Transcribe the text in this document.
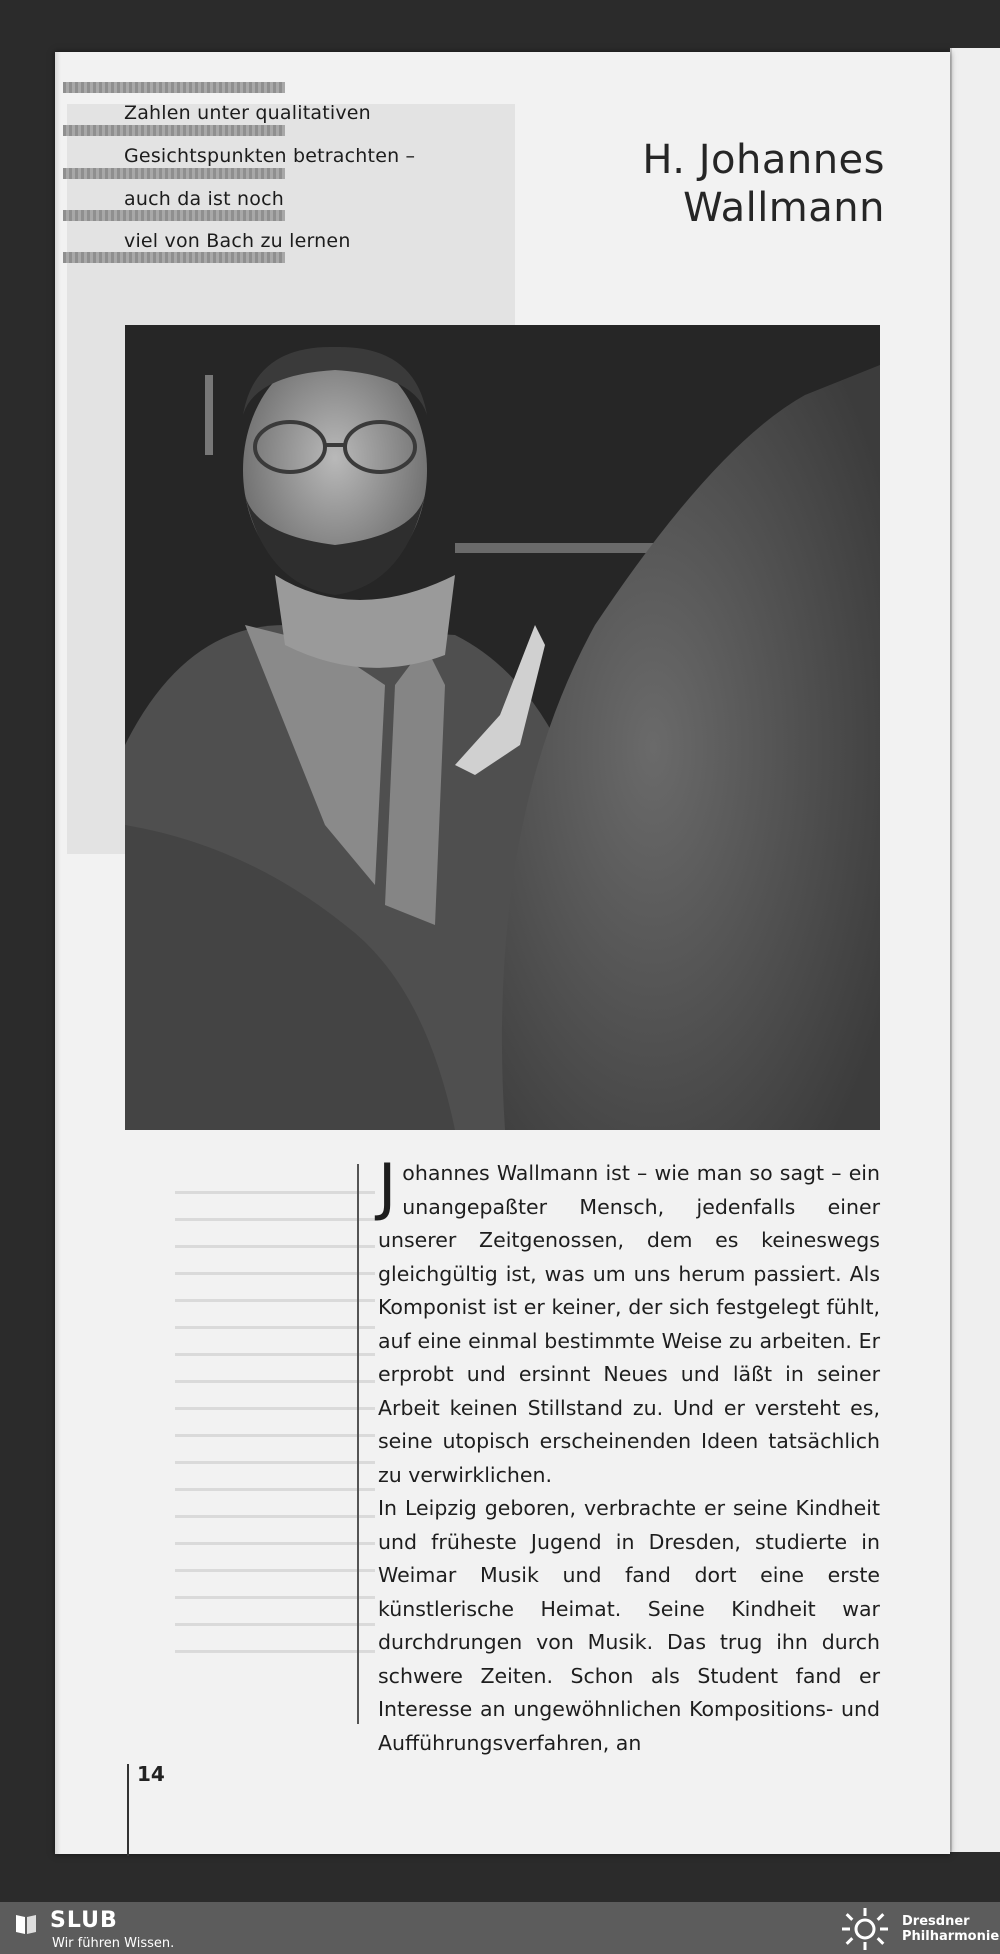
Zahlen unter qualitativen
Gesichtspunkten betrachten –
auch da ist noch
viel von Bach zu lernen
H. Johannes
Wallmann

Johannes Wallmann ist – wie man so sagt – ein unangepaßter Mensch, jedenfalls einer unserer Zeitgenossen, dem es keineswegs gleichgültig ist, was um uns herum passiert. Als Komponist ist er keiner, der sich festgelegt fühlt, auf eine einmal bestimmte Weise zu arbeiten. Er erprobt und ersinnt Neues und läßt in seiner Arbeit keinen Stillstand zu. Und er versteht es, seine utopisch erscheinenden Ideen tatsächlich zu verwirklichen.

In Leipzig geboren, verbrachte er seine Kindheit und früheste Jugend in Dresden, studierte in Weimar Musik und fand dort eine erste künstlerische Heimat. Seine Kindheit war durchdrungen von Musik. Das trug ihn durch schwere Zeiten. Schon als Student fand er Interesse an ungewöhnlichen Kompositions- und Aufführungsverfahren, an

14
SLUB
Wir führen Wissen.
Dresdner
Philharmonie
